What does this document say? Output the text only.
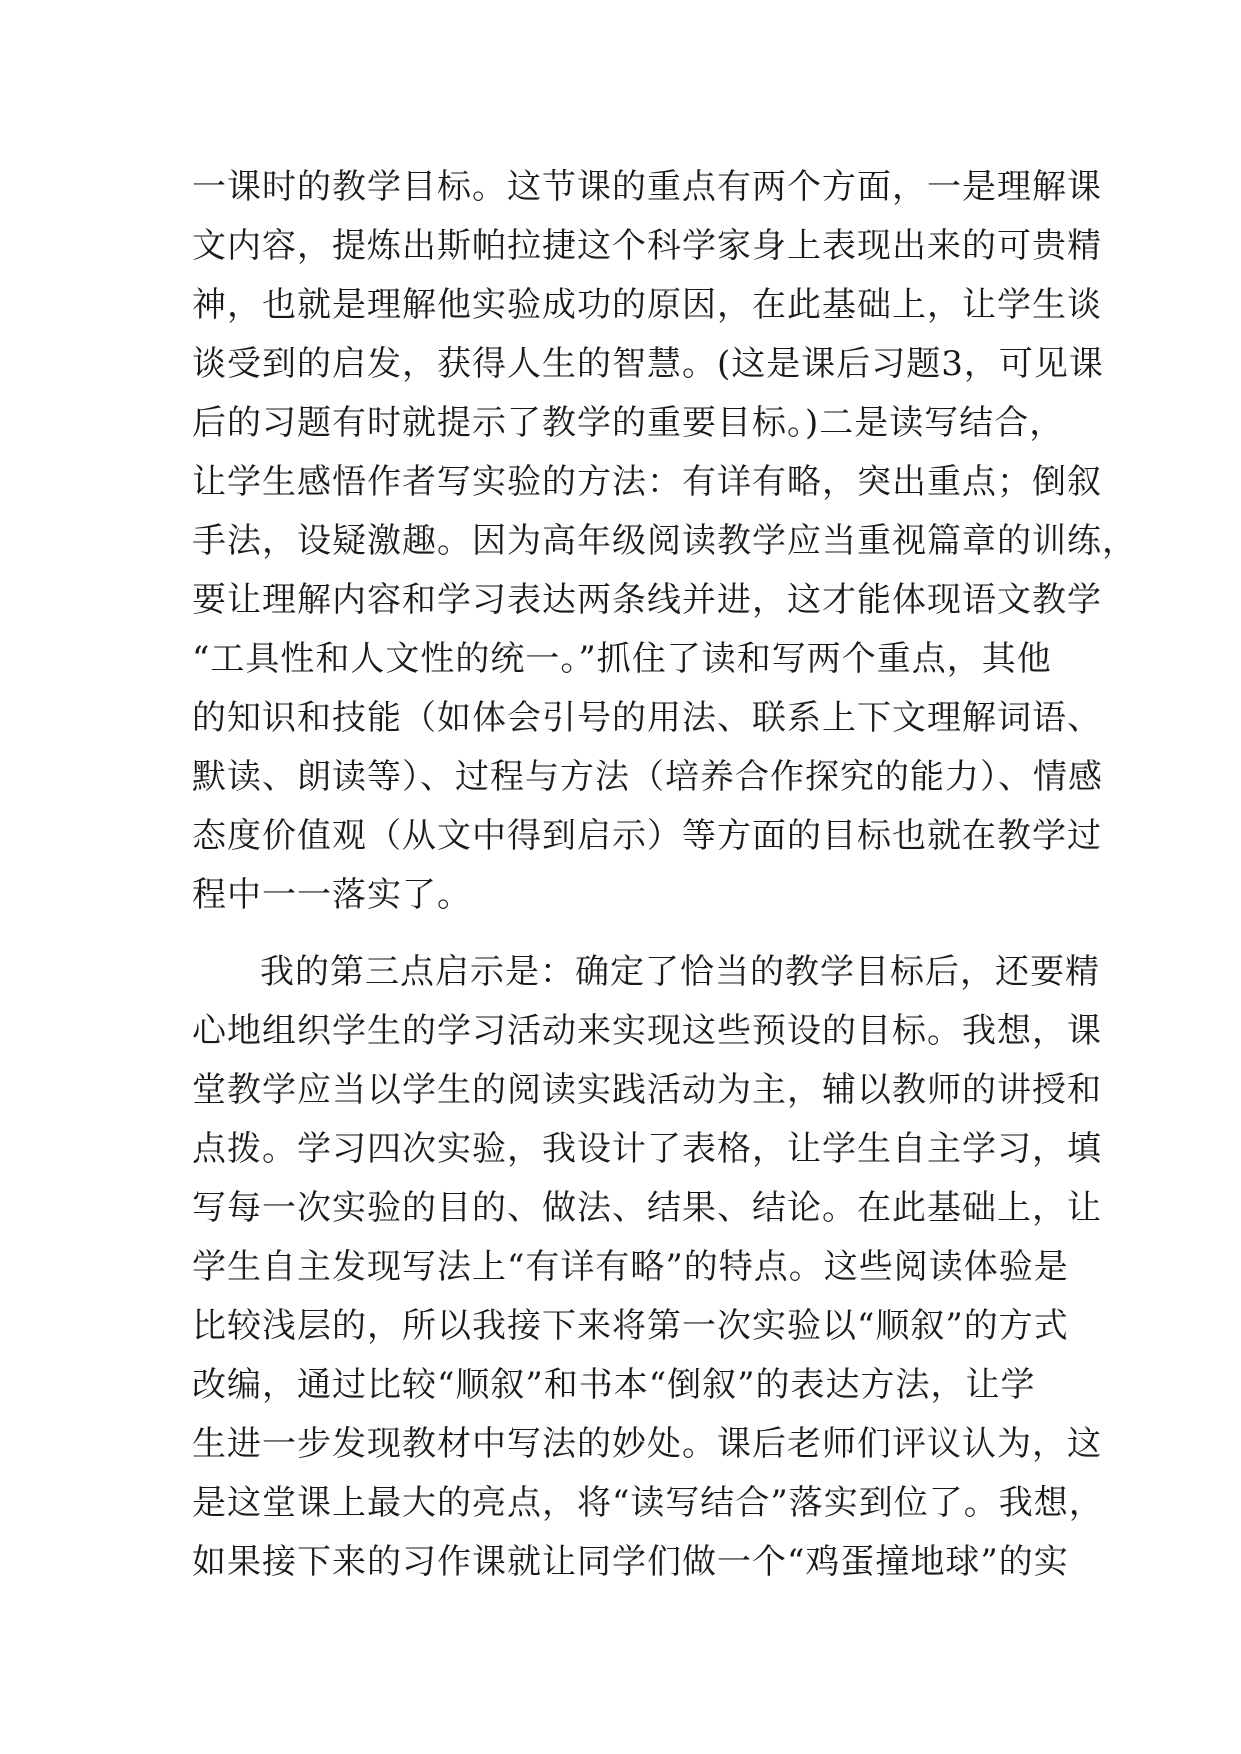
一课时的教学目标。这节课的重点有两个方面，一是理解课
文内容，提炼出斯帕拉捷这个科学家身上表现出来的可贵精
神，也就是理解他实验成功的原因，在此基础上，让学生谈
谈受到的启发，获得人生的智慧。(这是课后习题3，可见课
后的习题有时就提示了教学的重要目标。)二是读写结合，
让学生感悟作者写实验的方法：有详有略，突出重点；倒叙
手法，设疑激趣。因为高年级阅读教学应当重视篇章的训练，
要让理解内容和学习表达两条线并进，这才能体现语文教学
“工具性和人文性的统一。”抓住了读和写两个重点，其他
的知识和技能（如体会引号的用法、联系上下文理解词语、
默读、朗读等）、过程与方法（培养合作探究的能力）、情感
态度价值观（从文中得到启示）等方面的目标也就在教学过
程中一一落实了。
我的第三点启示是：确定了恰当的教学目标后，还要精
心地组织学生的学习活动来实现这些预设的目标。我想，课
堂教学应当以学生的阅读实践活动为主，辅以教师的讲授和
点拨。学习四次实验，我设计了表格，让学生自主学习，填
写每一次实验的目的、做法、结果、结论。在此基础上，让
学生自主发现写法上“有详有略”的特点。这些阅读体验是
比较浅层的，所以我接下来将第一次实验以“顺叙”的方式
改编，通过比较“顺叙”和书本“倒叙”的表达方法，让学
生进一步发现教材中写法的妙处。课后老师们评议认为，这
是这堂课上最大的亮点，将“读写结合”落实到位了。我想，
如果接下来的习作课就让同学们做一个“鸡蛋撞地球”的实
